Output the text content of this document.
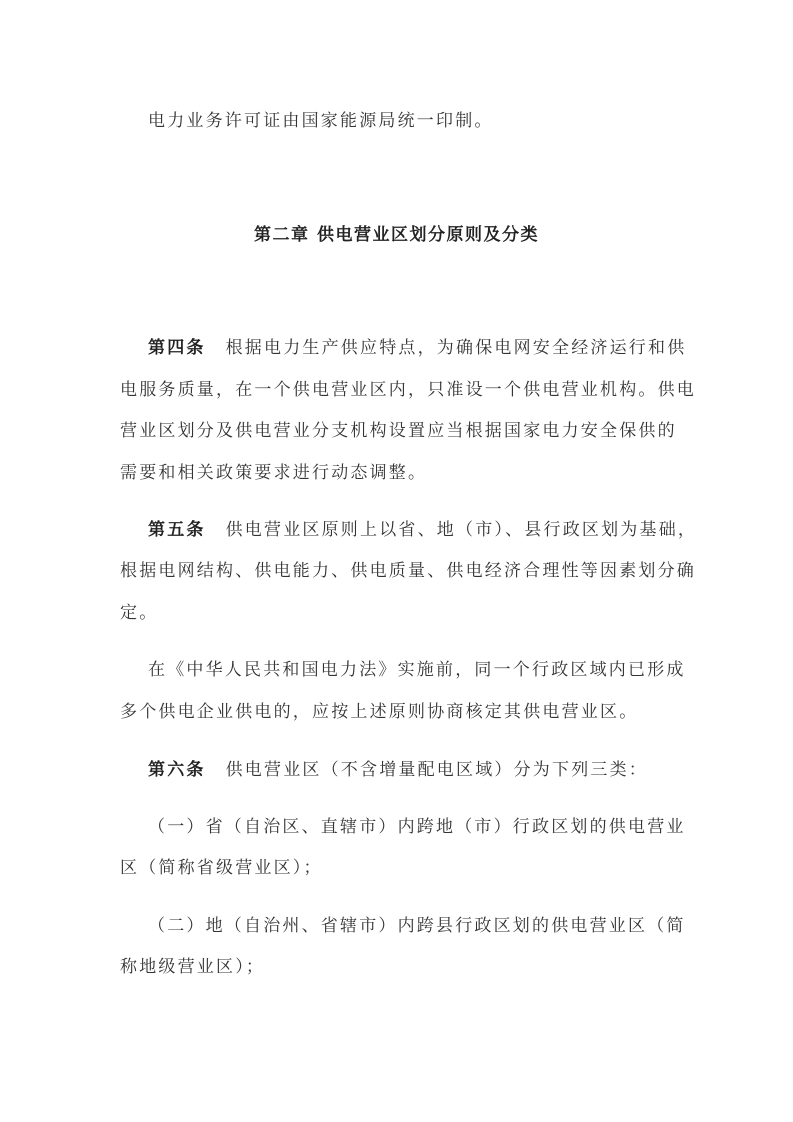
电力业务许可证由国家能源局统一印制。
第二章 供电营业区划分原则及分类
第四条 根据电力生产供应特点，为确保电网安全经济运行和供
电服务质量，在一个供电营业区内，只准设一个供电营业机构。供电
营业区划分及供电营业分支机构设置应当根据国家电力安全保供的
需要和相关政策要求进行动态调整。
第五条 供电营业区原则上以省、地（市）、县行政区划为基础，
根据电网结构、供电能力、供电质量、供电经济合理性等因素划分确
定。
在《中华人民共和国电力法》实施前，同一个行政区域内已形成
多个供电企业供电的，应按上述原则协商核定其供电营业区。
第六条 供电营业区（不含增量配电区域）分为下列三类：
（一）省（自治区、直辖市）内跨地（市）行政区划的供电营业
区（简称省级营业区）；
（二）地（自治州、省辖市）内跨县行政区划的供电营业区（简
称地级营业区）；
